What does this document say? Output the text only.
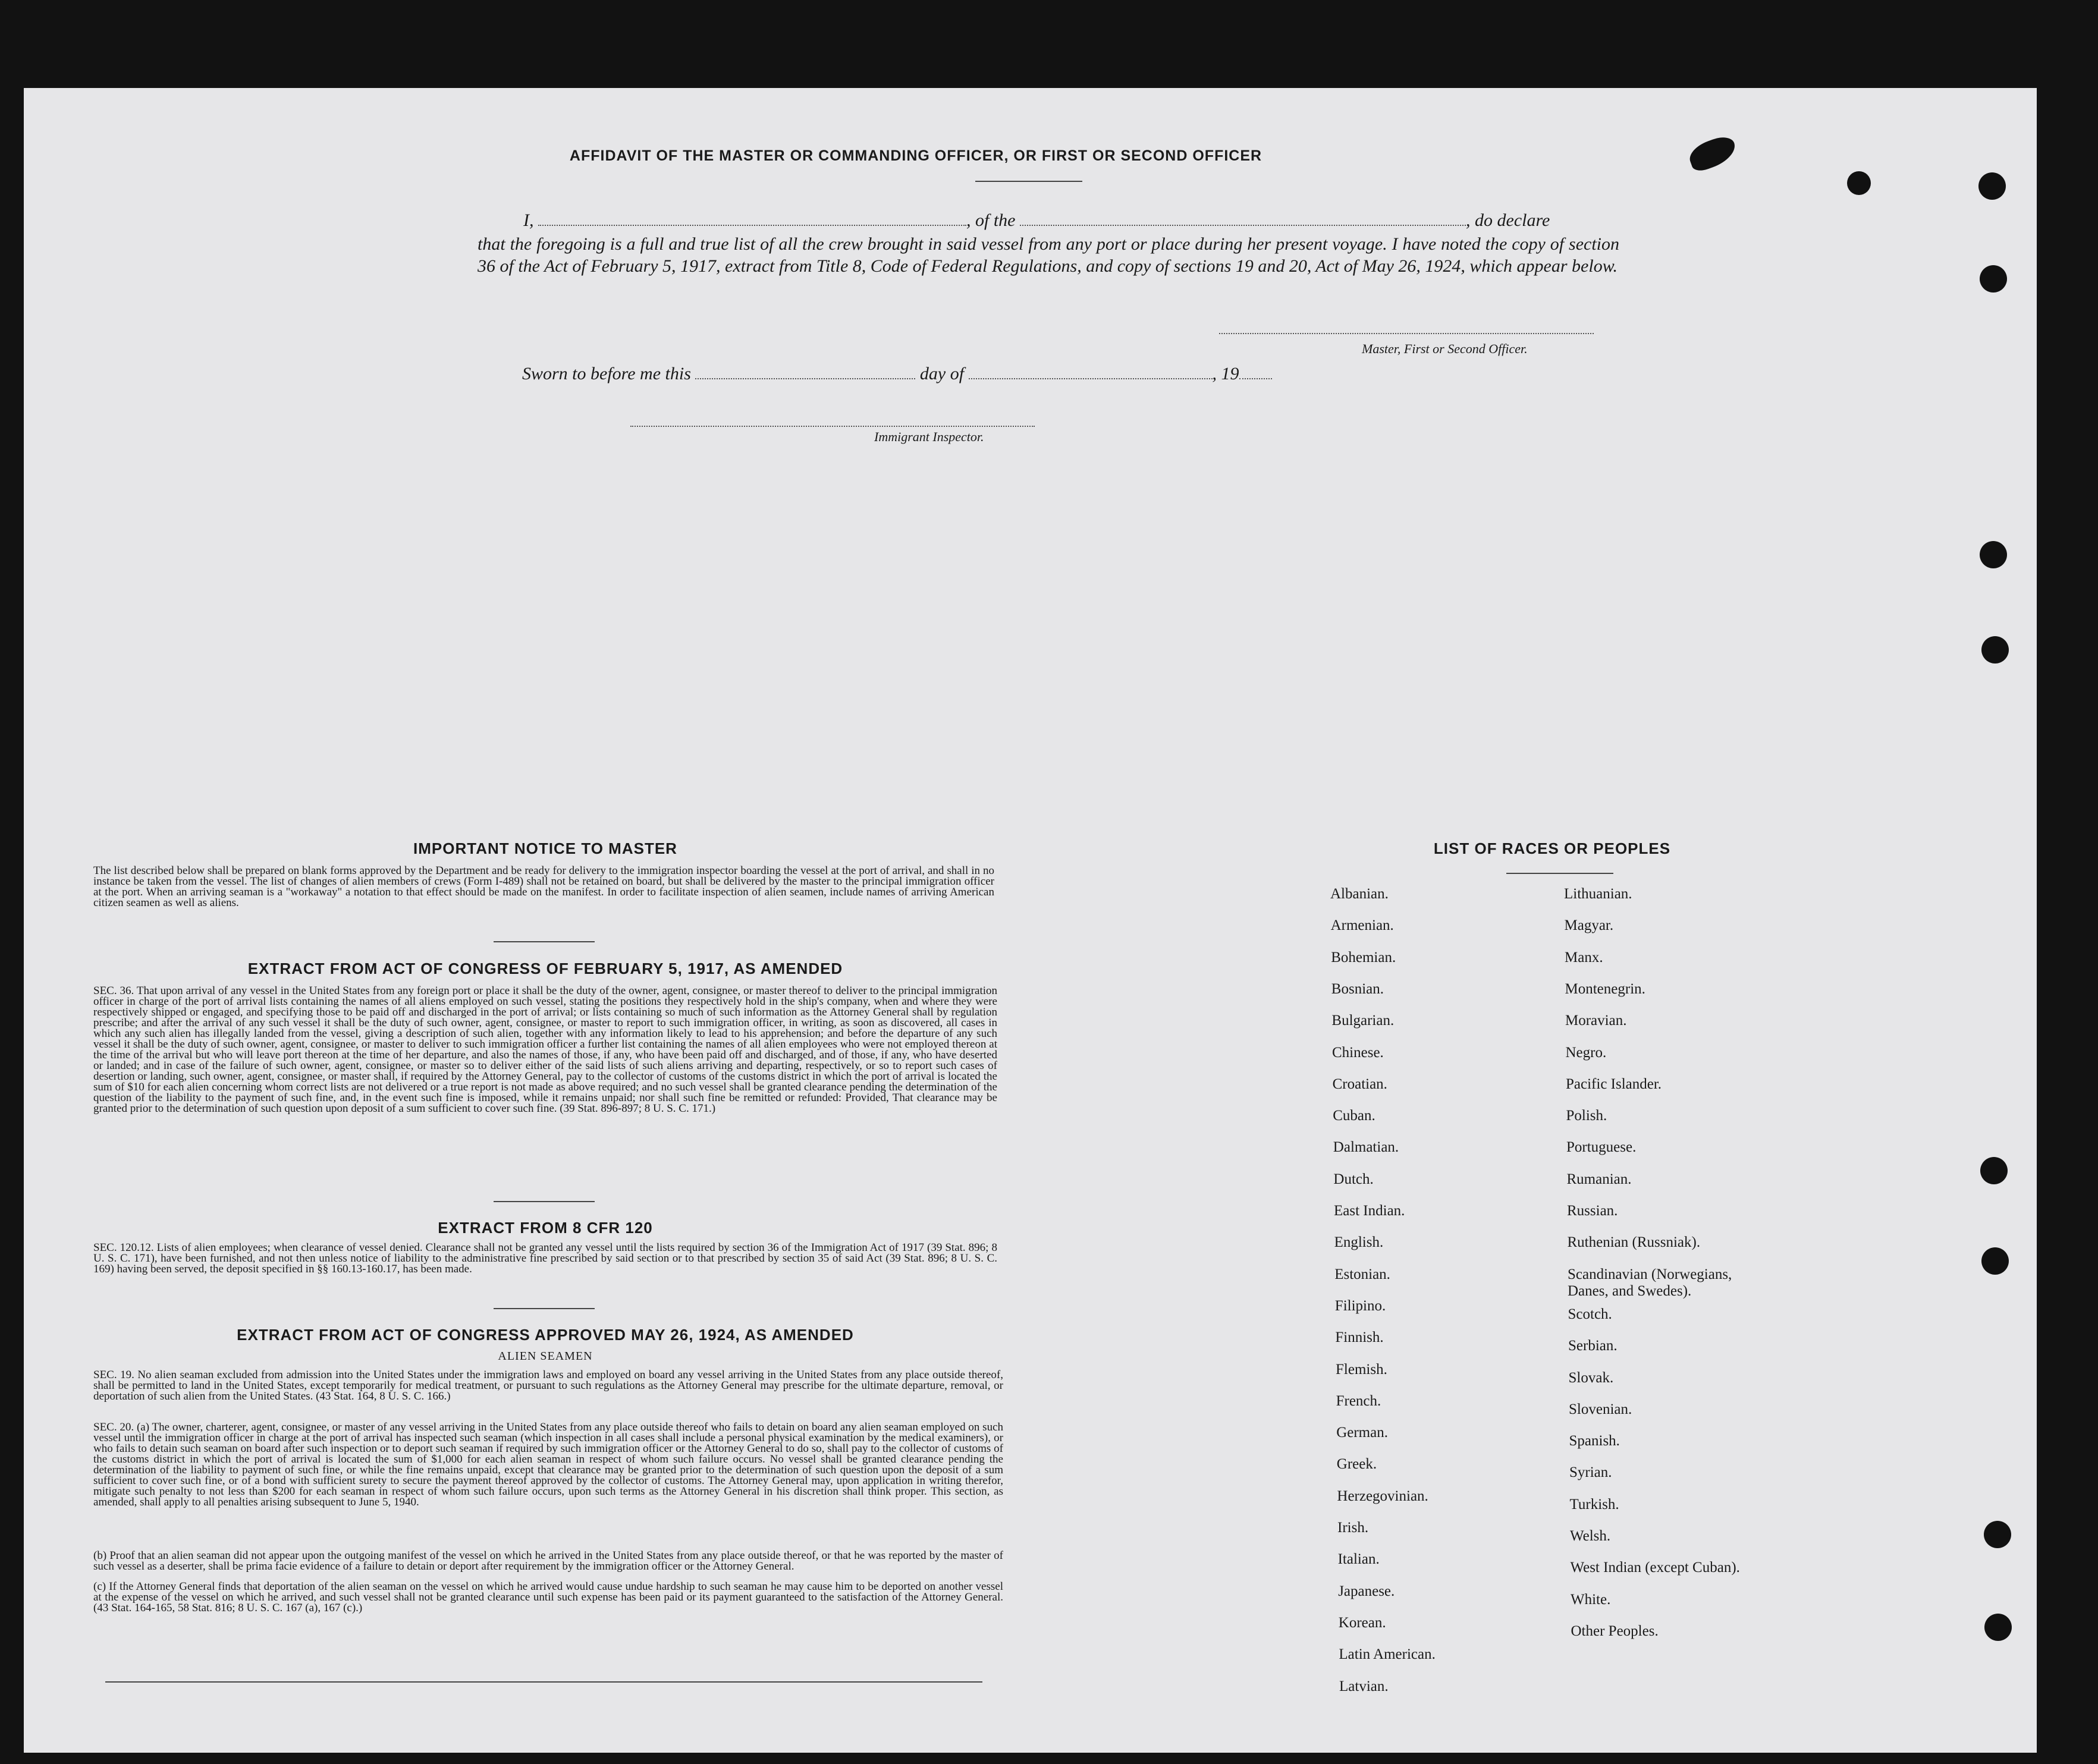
AFFIDAVIT OF THE MASTER OR COMMANDING OFFICER, OR FIRST OR SECOND OFFICER
I,	, of the	, do declare
that the foregoing is a full and true list of all the crew brought in said vessel from any port or place during her present voyage. I have noted the copy of section 36 of the Act of February 5, 1917, extract from Title 8, Code of Federal Regulations, and copy of sections 19 and 20, Act of May 26, 1924, which appear below.
Master, First or Second Officer.
Sworn to before me this	day of	, 19
Immigrant Inspector.
IMPORTANT NOTICE TO MASTER
The list described below shall be prepared on blank forms approved by the Department and be ready for delivery to the immigration inspector boarding the vessel at the port of arrival, and shall in no instance be taken from the vessel. The list of changes of alien members of crews (Form I-489) shall not be retained on board, but shall be delivered by the master to the principal immigration officer at the port. When an arriving seaman is a "workaway" a notation to that effect should be made on the manifest. In order to facilitate inspection of alien seamen, include names of arriving American citizen seamen as well as aliens.
EXTRACT FROM ACT OF CONGRESS OF FEBRUARY 5, 1917, AS AMENDED
SEC. 36. That upon arrival of any vessel in the United States from any foreign port or place it shall be the duty of the owner, agent, consignee, or master thereof to deliver to the principal immigration officer in charge of the port of arrival lists containing the names of all aliens employed on such vessel, stating the positions they respectively hold in the ship's company, when and where they were respectively shipped or engaged, and specifying those to be paid off and discharged in the port of arrival; or lists containing so much of such information as the Attorney General shall by regulation prescribe; and after the arrival of any such vessel it shall be the duty of such owner, agent, consignee, or master to report to such immigration officer, in writing, as soon as discovered, all cases in which any such alien has illegally landed from the vessel, giving a description of such alien, together with any information likely to lead to his apprehension; and before the departure of any such vessel it shall be the duty of such owner, agent, consignee, or master to deliver to such immigration officer a further list containing the names of all alien employees who were not employed thereon at the time of the arrival but who will leave port thereon at the time of her departure, and also the names of those, if any, who have been paid off and discharged, and of those, if any, who have deserted or landed; and in case of the failure of such owner, agent, consignee, or master so to deliver either of the said lists of such aliens arriving and departing, respectively, or so to report such cases of desertion or landing, such owner, agent, consignee, or master shall, if required by the Attorney General, pay to the collector of customs of the customs district in which the port of arrival is located the sum of $10 for each alien concerning whom correct lists are not delivered or a true report is not made as above required; and no such vessel shall be granted clearance pending the determination of the question of the liability to the payment of such fine, and, in the event such fine is imposed, while it remains unpaid; nor shall such fine be remitted or refunded: Provided, That clearance may be granted prior to the determination of such question upon deposit of a sum sufficient to cover such fine. (39 Stat. 896-897; 8 U. S. C. 171.)
EXTRACT FROM 8 CFR 120
SEC. 120.12. Lists of alien employees; when clearance of vessel denied. Clearance shall not be granted any vessel until the lists required by section 36 of the Immigration Act of 1917 (39 Stat. 896; 8 U. S. C. 171), have been furnished, and not then unless notice of liability to the administrative fine prescribed by said section or to that prescribed by section 35 of said Act (39 Stat. 896; 8 U. S. C. 169) having been served, the deposit specified in §§ 160.13-160.17, has been made.
EXTRACT FROM ACT OF CONGRESS APPROVED MAY 26, 1924, AS AMENDED
ALIEN SEAMEN
SEC. 19. No alien seaman excluded from admission into the United States under the immigration laws and employed on board any vessel arriving in the United States from any place outside thereof, shall be permitted to land in the United States, except temporarily for medical treatment, or pursuant to such regulations as the Attorney General may prescribe for the ultimate departure, removal, or deportation of such alien from the United States. (43 Stat. 164, 8 U. S. C. 166.)
SEC. 20. (a) The owner, charterer, agent, consignee, or master of any vessel arriving in the United States from any place outside thereof who fails to detain on board any alien seaman employed on such vessel until the immigration officer in charge at the port of arrival has inspected such seaman (which inspection in all cases shall include a personal physical examination by the medical examiners), or who fails to detain such seaman on board after such inspection or to deport such seaman if required by such immigration officer or the Attorney General to do so, shall pay to the collector of customs of the customs district in which the port of arrival is located the sum of $1,000 for each alien seaman in respect of whom such failure occurs. No vessel shall be granted clearance pending the determination of the liability to payment of such fine, or while the fine remains unpaid, except that clearance may be granted prior to the determination of such question upon the deposit of a sum sufficient to cover such fine, or of a bond with sufficient surety to secure the payment thereof approved by the collector of customs. The Attorney General may, upon application in writing therefor, mitigate such penalty to not less than $200 for each seaman in respect of whom such failure occurs, upon such terms as the Attorney General in his discretion shall think proper. This section, as amended, shall apply to all penalties arising subsequent to June 5, 1940.
(b) Proof that an alien seaman did not appear upon the outgoing manifest of the vessel on which he arrived in the United States from any place outside thereof, or that he was reported by the master of such vessel as a deserter, shall be prima facie evidence of a failure to detain or deport after requirement by the immigration officer or the Attorney General.
(c) If the Attorney General finds that deportation of the alien seaman on the vessel on which he arrived would cause undue hardship to such seaman he may cause him to be deported on another vessel at the expense of the vessel on which he arrived, and such vessel shall not be granted clearance until such expense has been paid or its payment guaranteed to the satisfaction of the Attorney General. (43 Stat. 164-165, 58 Stat. 816; 8 U. S. C. 167 (a), 167 (c).)
LIST OF RACES OR PEOPLES
Albanian.
Armenian.
Bohemian.
Bosnian.
Bulgarian.
Chinese.
Croatian.
Cuban.
Dalmatian.
Dutch.
East Indian.
English.
Estonian.
Filipino.
Finnish.
Flemish.
French.
German.
Greek.
Herzegovinian.
Irish.
Italian.
Japanese.
Korean.
Latin American.
Latvian.
Lithuanian.
Magyar.
Manx.
Montenegrin.
Moravian.
Negro.
Pacific Islander.
Polish.
Portuguese.
Rumanian.
Russian.
Ruthenian (Russniak).
Scandinavian (Norwegians, Danes, and Swedes).
Scotch.
Serbian.
Slovak.
Slovenian.
Spanish.
Syrian.
Turkish.
Welsh.
West Indian (except Cuban).
White.
Other Peoples.
